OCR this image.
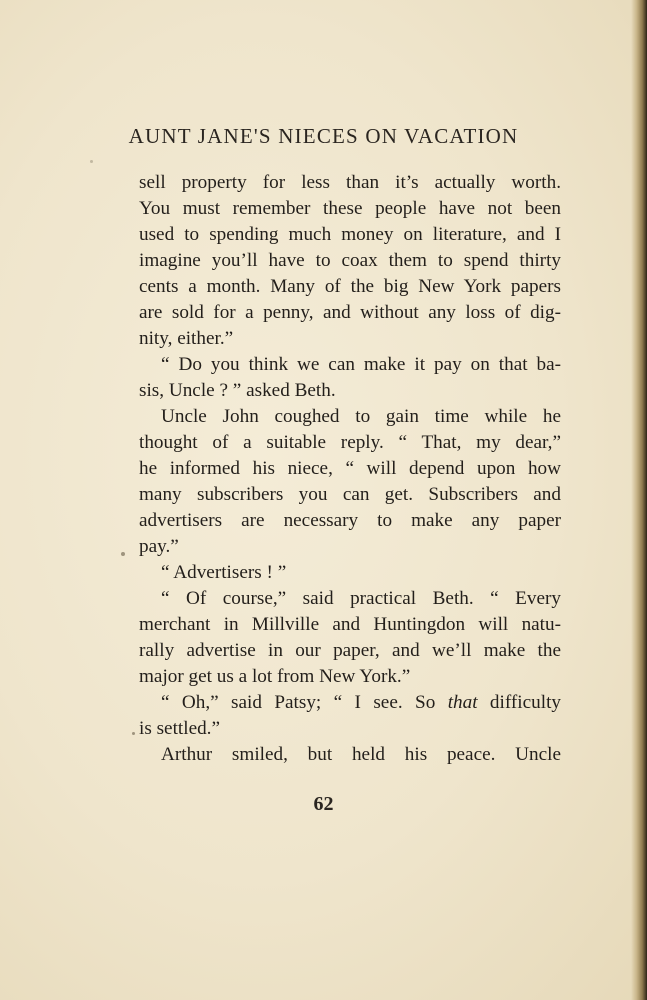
AUNT JANE'S NIECES ON VACATION
sell property for less than it’s actually worth.
You must remember these people have not been
used to spending much money on literature, and I
imagine you’ll have to coax them to spend thirty
cents a month. Many of the big New York papers
are sold for a penny, and without any loss of dig-
nity, either.”
“ Do you think we can make it pay on that ba-
sis, Uncle ? ” asked Beth.
Uncle John coughed to gain time while he
thought of a suitable reply. “ That, my dear,”
he informed his niece, “ will depend upon how
many subscribers you can get. Subscribers and
advertisers are necessary to make any paper
pay.”
“ Advertisers ! ”
“ Of course,” said practical Beth. “ Every
merchant in Millville and Huntingdon will natu-
rally advertise in our paper, and we’ll make the
major get us a lot from New York.”
“ Oh,” said Patsy; “ I see. So that difficulty
is settled.”
Arthur smiled, but held his peace. Uncle
62
